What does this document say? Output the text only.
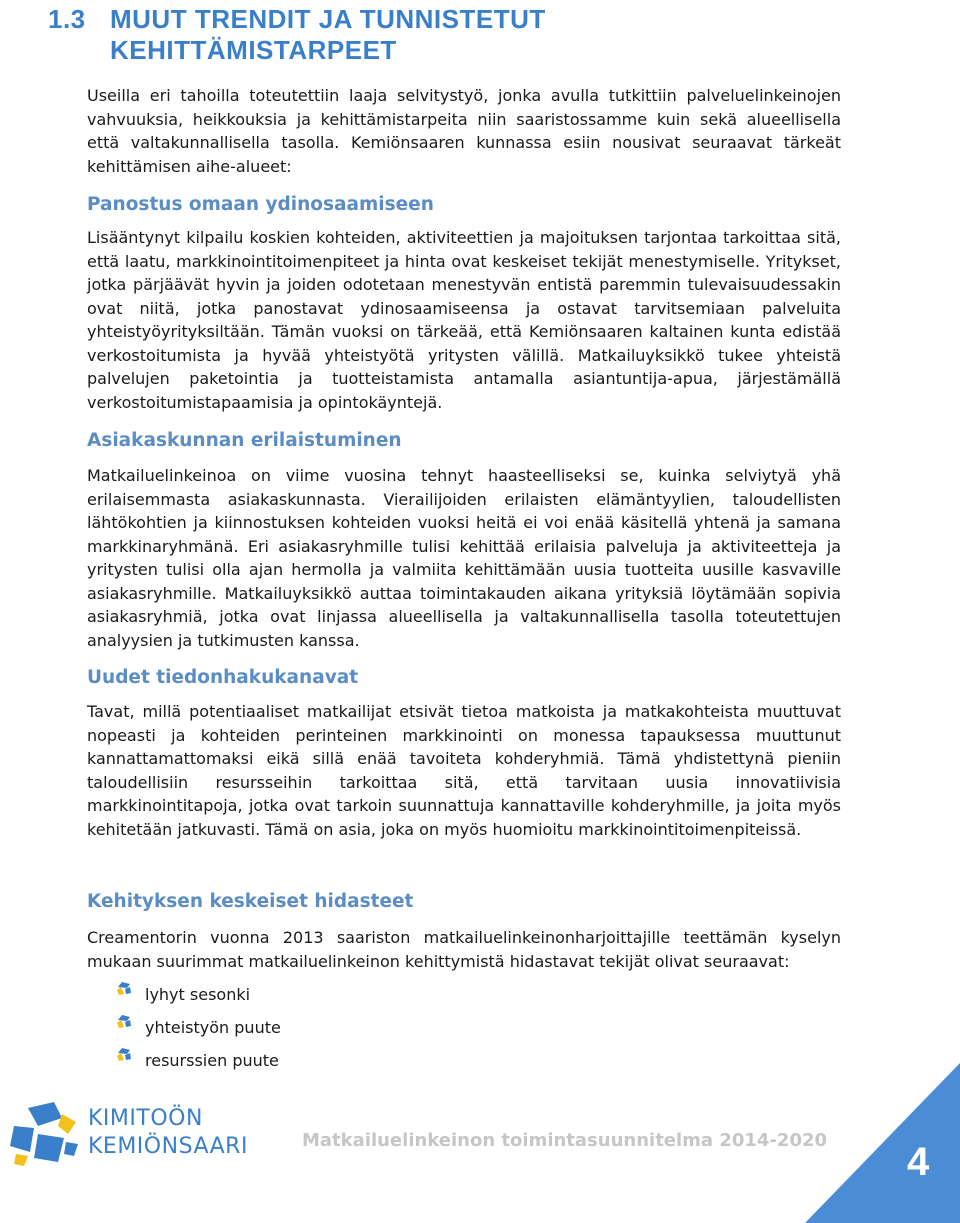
1.3 MUUT TRENDIT JA TUNNISTETUT
KEHITTÄMISTARPEET

Useilla eri tahoilla toteutettiin laaja selvitystyö, jonka avulla tutkittiin palveluelinkeinojen vahvuuksia, heikkouksia ja kehittämistarpeita niin saaristossamme kuin sekä alueellisella että valtakunnallisella tasolla. Kemiönsaaren kunnassa esiin nousivat seuraavat tärkeät kehittämisen aihe-alueet:

Panostus omaan ydinosaamiseen

Lisääntynyt kilpailu koskien kohteiden, aktiviteettien ja majoituksen tarjontaa tarkoittaa sitä, että laatu, markkinointitoimenpiteet ja hinta ovat keskeiset tekijät menestymiselle. Yritykset, jotka pärjäävät hyvin ja joiden odotetaan menestyvän entistä paremmin tulevaisuudessakin ovat niitä, jotka panostavat ydinosaamiseensa ja ostavat tarvitsemiaan palveluita yhteistyöyrityksiltään. Tämän vuoksi on tärkeää, että Kemiönsaaren kaltainen kunta edistää verkostoitumista ja hyvää yhteistyötä yritysten välillä. Matkailuyksikkö tukee yhteistä palvelujen paketointia ja tuotteistamista antamalla asiantuntija-apua, järjestämällä verkostoitumistapaamisia ja opintokäyntejä.

Asiakaskunnan erilaistuminen

Matkailuelinkeinoa on viime vuosina tehnyt haasteelliseksi se, kuinka selviytyä yhä erilaisemmasta asiakaskunnasta. Vierailijoiden erilaisten elämäntyylien, taloudellisten lähtökohtien ja kiinnostuksen kohteiden vuoksi heitä ei voi enää käsitellä yhtenä ja samana markkinaryhmänä. Eri asiakasryhmille tulisi kehittää erilaisia palveluja ja aktiviteetteja ja yritysten tulisi olla ajan hermolla ja valmiita kehittämään uusia tuotteita uusille kasvaville asiakasryhmille. Matkailuyksikkö auttaa toimintakauden aikana yrityksiä löytämään sopivia asiakasryhmiä, jotka ovat linjassa alueellisella ja valtakunnallisella tasolla toteutettujen analyysien ja tutkimusten kanssa.

Uudet tiedonhakukanavat

Tavat, millä potentiaaliset matkailijat etsivät tietoa matkoista ja matkakohteista muuttuvat nopeasti ja kohteiden perinteinen markkinointi on monessa tapauksessa muuttunut kannattamattomaksi eikä sillä enää tavoiteta kohderyhmiä. Tämä yhdistettynä pieniin taloudellisiin resursseihin tarkoittaa sitä, että tarvitaan uusia innovatiivisia markkinointitapoja, jotka ovat tarkoin suunnattuja kannattaville kohderyhmille, ja joita myös kehitetään jatkuvasti. Tämä on asia, joka on myös huomioitu markkinointitoimenpiteissä.

Kehityksen keskeiset hidasteet

Creamentorin vuonna 2013 saariston matkailuelinkeinonharjoittajille teettämän kyselyn mukaan suurimmat matkailuelinkeinon kehittymistä hidastavat tekijät olivat seuraavat:

lyhyt sesonki
yhteistyön puute
resurssien puute
KIMITOÖN
KEMIÖNSAARI	Matkailuelinkeinon toimintasuunnitelma 2014-2020 4
